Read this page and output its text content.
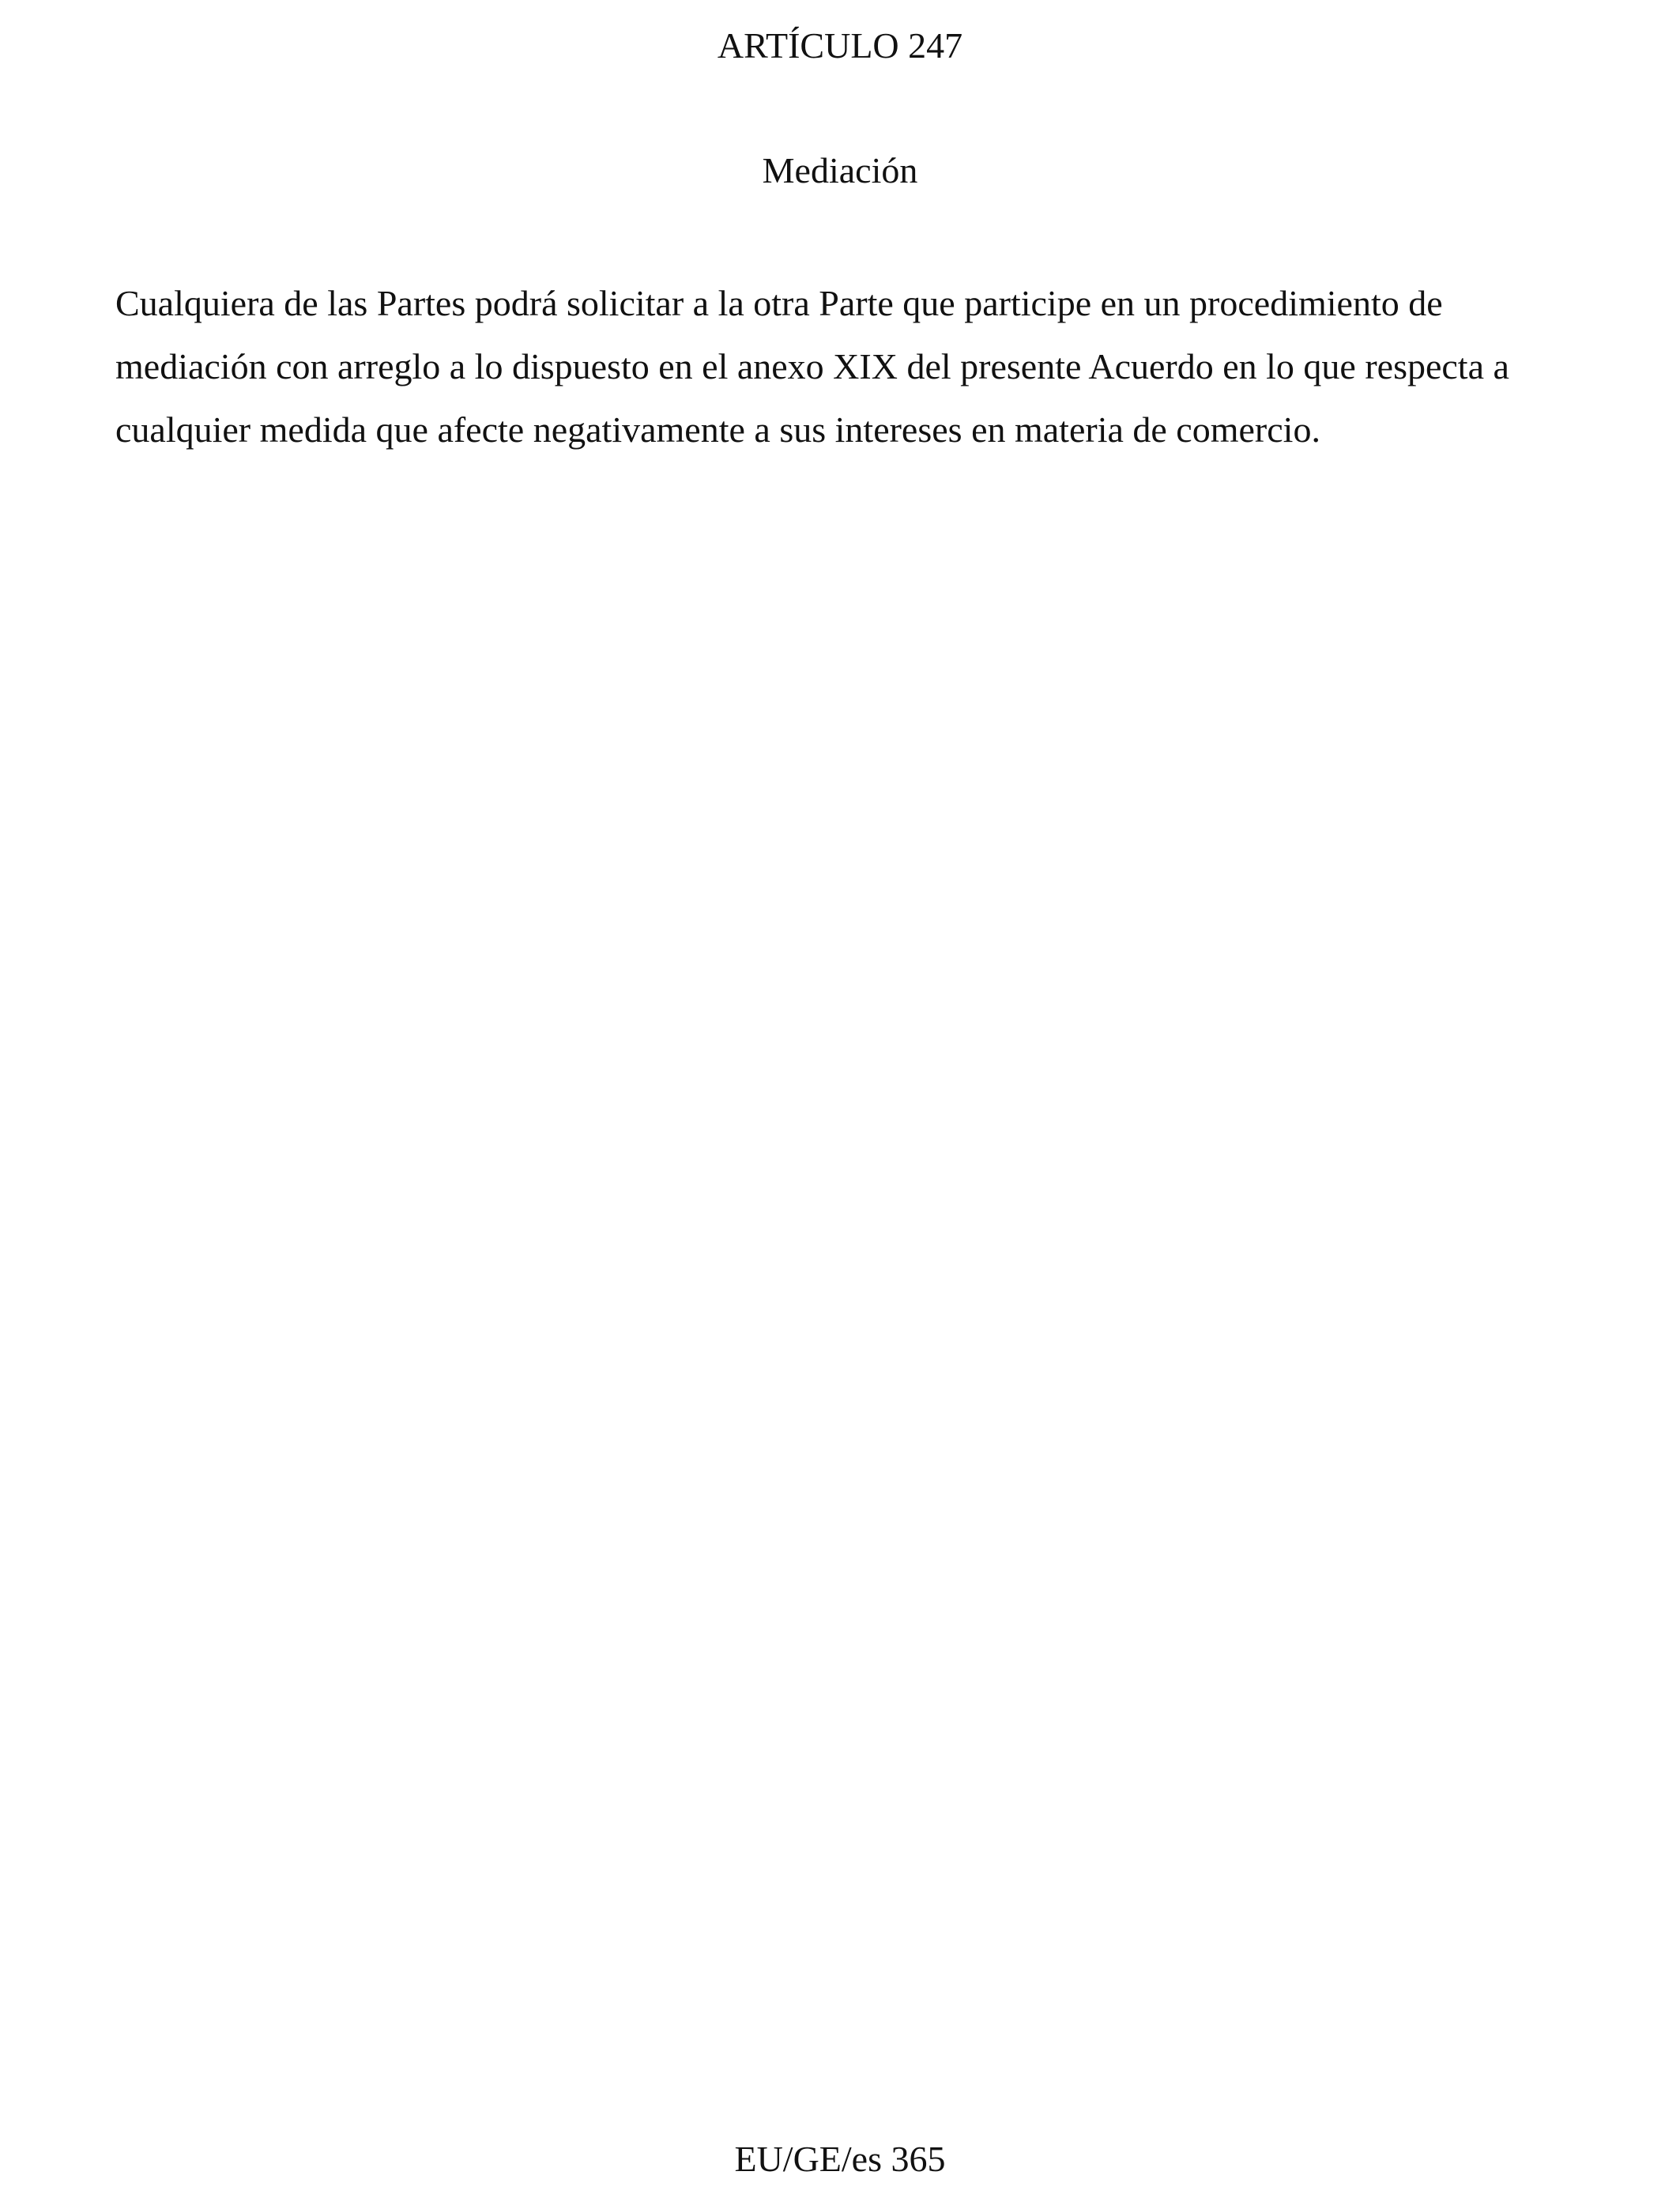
ARTÍCULO 247
Mediación
Cualquiera de las Partes podrá solicitar a la otra Parte que participe en un procedimiento de
mediación con arreglo a lo dispuesto en el anexo XIX del presente Acuerdo en lo que respecta a
cualquier medida que afecte negativamente a sus intereses en materia de comercio.
EU/GE/es 365
